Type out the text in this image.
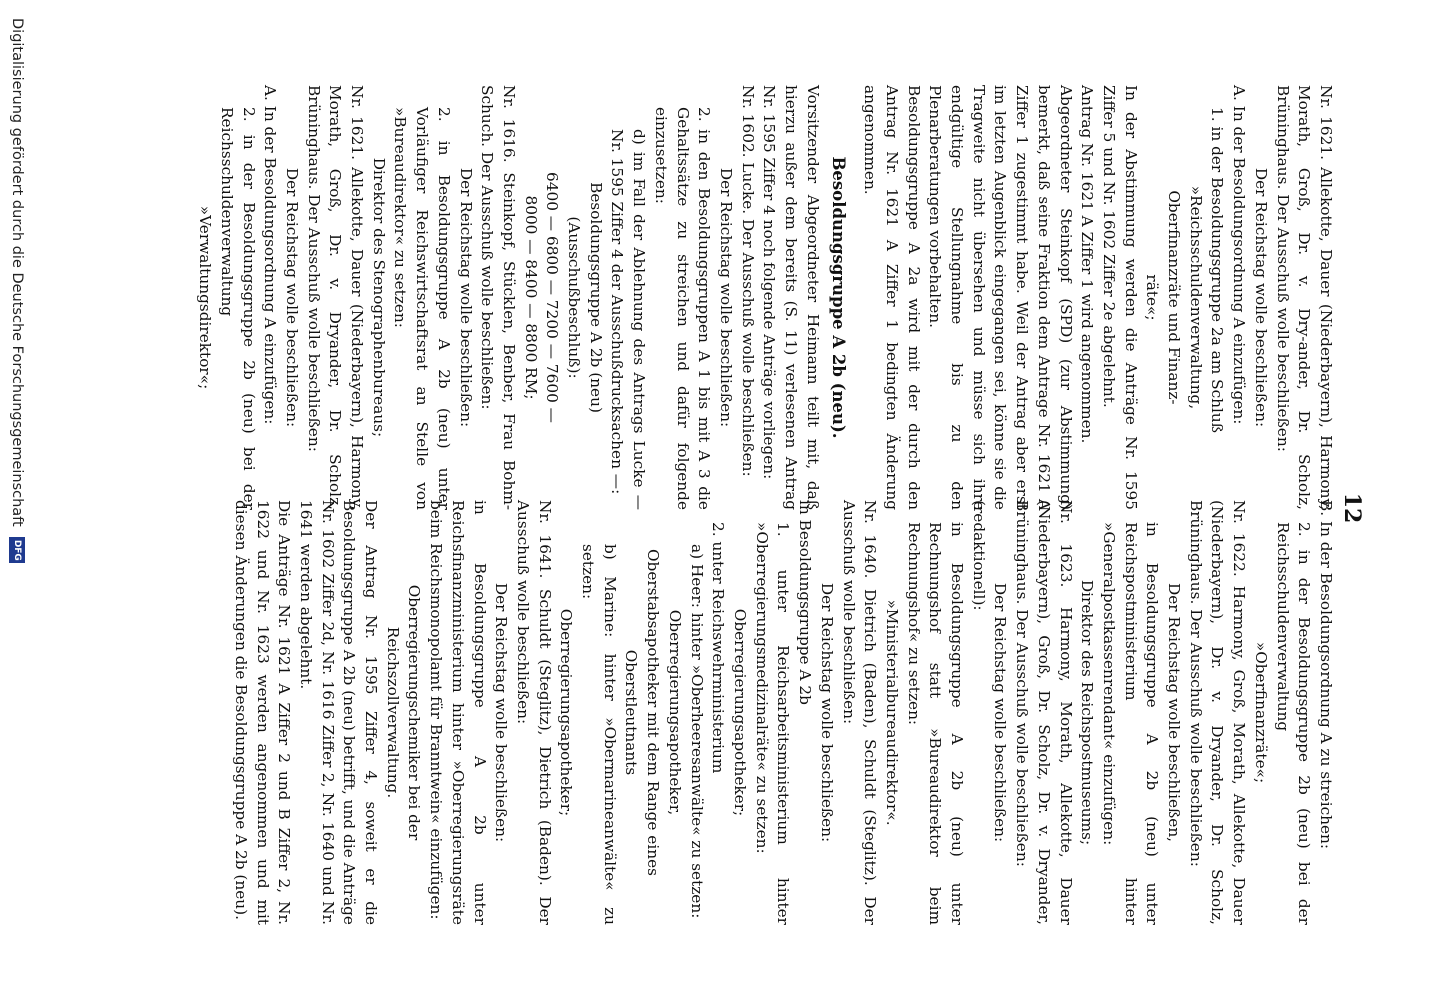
12

Nr. 1621. Allekotte, Dauer (Niederbayern), Harmony, Morath, Groß, Dr. v. Dry-ander, Dr. Scholz, Brüninghaus. Der Ausschuß wolle beschließen:

Der Reichstag wolle beschließen:

A. In der Besoldungsordnung A einzufügen:

1. in der Besoldungsgruppe 2a am Schluß

»Reichsschuldenverwaltung,

Oberfinanzräte und Finanz-

räte«;

In der Abstimmung werden die Anträge Nr. 1595 Ziffer 5 und Nr. 1602 Ziffer 2e abgelehnt.

Antrag Nr. 1621 A Ziffer 1 wird angenommen.

Abgeordneter Steinkopf (SPD) (zur Abstimmung) bemerkt, daß seine Fraktion dem Antrage Nr. 1621 A Ziffer 1 zugestimmt habe. Weil der Antrag aber erst im letzten Augenblick eingegangen sei, könne sie die Tragweite nicht übersehen und müsse sich ihre endgültige Stellungnahme bis zu den Plenarberatungen vorbehalten.

Besoldungsgruppe A 2a wird mit der durch den Antrag Nr. 1621 A Ziffer 1 bedingten Änderung angenommen.

Besoldungsgruppe A 2b (neu).

Vorsitzender Abgeordneter Heimann teilt mit, daß hierzu außer dem bereits (S. 11) verlesenen Antrag Nr. 1595 Ziffer 4 noch folgende Anträge vorliegen:

Nr. 1602. Lucke. Der Ausschuß wolle beschließen:

Der Reichstag wolle beschließen:

2. in den Besoldungsgruppen A 1 bis mit A 3 die Gehaltssätze zu streichen und dafür folgende einzusetzen:

d) im Fall der Ablehnung des Antrags Lucke — Nr. 1595 Ziffer 4 der Ausschußdrucksachen —:

Besoldungsgruppe A 2b (neu)

(Ausschußbeschluß):

6400 — 6800 — 7200 — 7600 —

8000 — 8400 — 8800 RM;

Nr. 1616. Steinkopf, Stücklen, Benber, Frau Bohm-Schuch. Der Ausschuß wolle beschließen:

Der Reichstag wolle beschließen:

2. in Besoldungsgruppe A 2b (neu) unter Vorläufiger Reichswirtschaftsrat an Stelle von »Bureaudirektor« zu setzen:

Direktor des Stenographenbureaus;

Nr. 1621. Allekotte, Dauer (Niederbayern), Harmony, Morath, Groß, Dr. v. Dryander, Dr. Scholz, Brüninghaus. Der Ausschuß wolle beschließen:

Der Reichstag wolle beschließen:

A. In der Besoldungsordnung A einzufügen:

2. in der Besoldungsgruppe 2b (neu) bei der Reichsschuldenverwaltung

»Verwaltungsdirektor«;

B. In der Besoldungsordnung A zu streichen:

2. in der Besoldungsgruppe 2b (neu) bei der Reichsschuldenverwaltung

»Oberfinanzräte«;

Nr. 1622. Harmony, Groß, Morath, Allekotte, Dauer (Niederbayern), Dr. v. Dryander, Dr. Scholz, Brüninghaus. Der Ausschuß wolle beschließen:

Der Reichstag wolle beschließen,

in Besoldungsgruppe A 2b (neu) unter Reichspostministerium hinter »Generalpostkassenrendant« einzufügen:

Direktor des Reichspostmuseums;

Nr. 1623. Harmony, Morath, Allekotte, Dauer (Niederbayern), Groß, Dr. Scholz, Dr. v. Dryander, Brüninghaus. Der Ausschuß wolle beschließen:

Der Reichstag wolle beschließen:

(redaktionell):

in Besoldungsgruppe A 2b (neu) unter Rechnungshof statt »Bureaudirektor beim Rechnungshof« zu setzen:

»Ministerialbureaudirektor«.

Nr. 1640. Dietrich (Baden), Schuldt (Steglitz). Der Ausschuß wolle beschließen:

Der Reichstag wolle beschließen:

in Besoldungsgruppe A 2b

1. unter Reichsarbeitsministerium hinter »Oberregierungsmedizinalräte« zu setzen:

Oberregierungsapotheker;

2. unter Reichswehrministerium

a) Heer: hinter »Oberheeresanwälte« zu setzen:

Oberregierungsapotheker,

Oberstabsapotheker mit dem Range eines

Oberstleutnants

b) Marine: hinter »Obermarineanwälte« zu setzen:

Oberregierungsapotheker;

Nr. 1641. Schuldt (Steglitz), Dietrich (Baden). Der Ausschuß wolle beschließen:

Der Reichstag wolle beschließen:

in Besoldungsgruppe A 2b unter Reichsfinanzministerium hinter »Oberregierungsräte beim Reichsmonopolamt für Branntwein« einzufügen:

Oberregierungschemiker bei der Reichszollverwaltung.

Der Antrag Nr. 1595 Ziffer 4, soweit er die Besoldungsgruppe A 2b (neu) betrifft, und die Anträge Nr. 1602 Ziffer 2d, Nr. 1616 Ziffer 2, Nr. 1640 und Nr. 1641 werden abgelehnt.

Die Anträge Nr. 1621 A Ziffer 2 und B Ziffer 2, Nr. 1622 und Nr. 1623 werden angenommen und mit diesen Änderungen die Besoldungsgruppe A 2b (neu).

Digitalisierung gefördert durch die Deutsche Forschungsgemeinschaft DFG
